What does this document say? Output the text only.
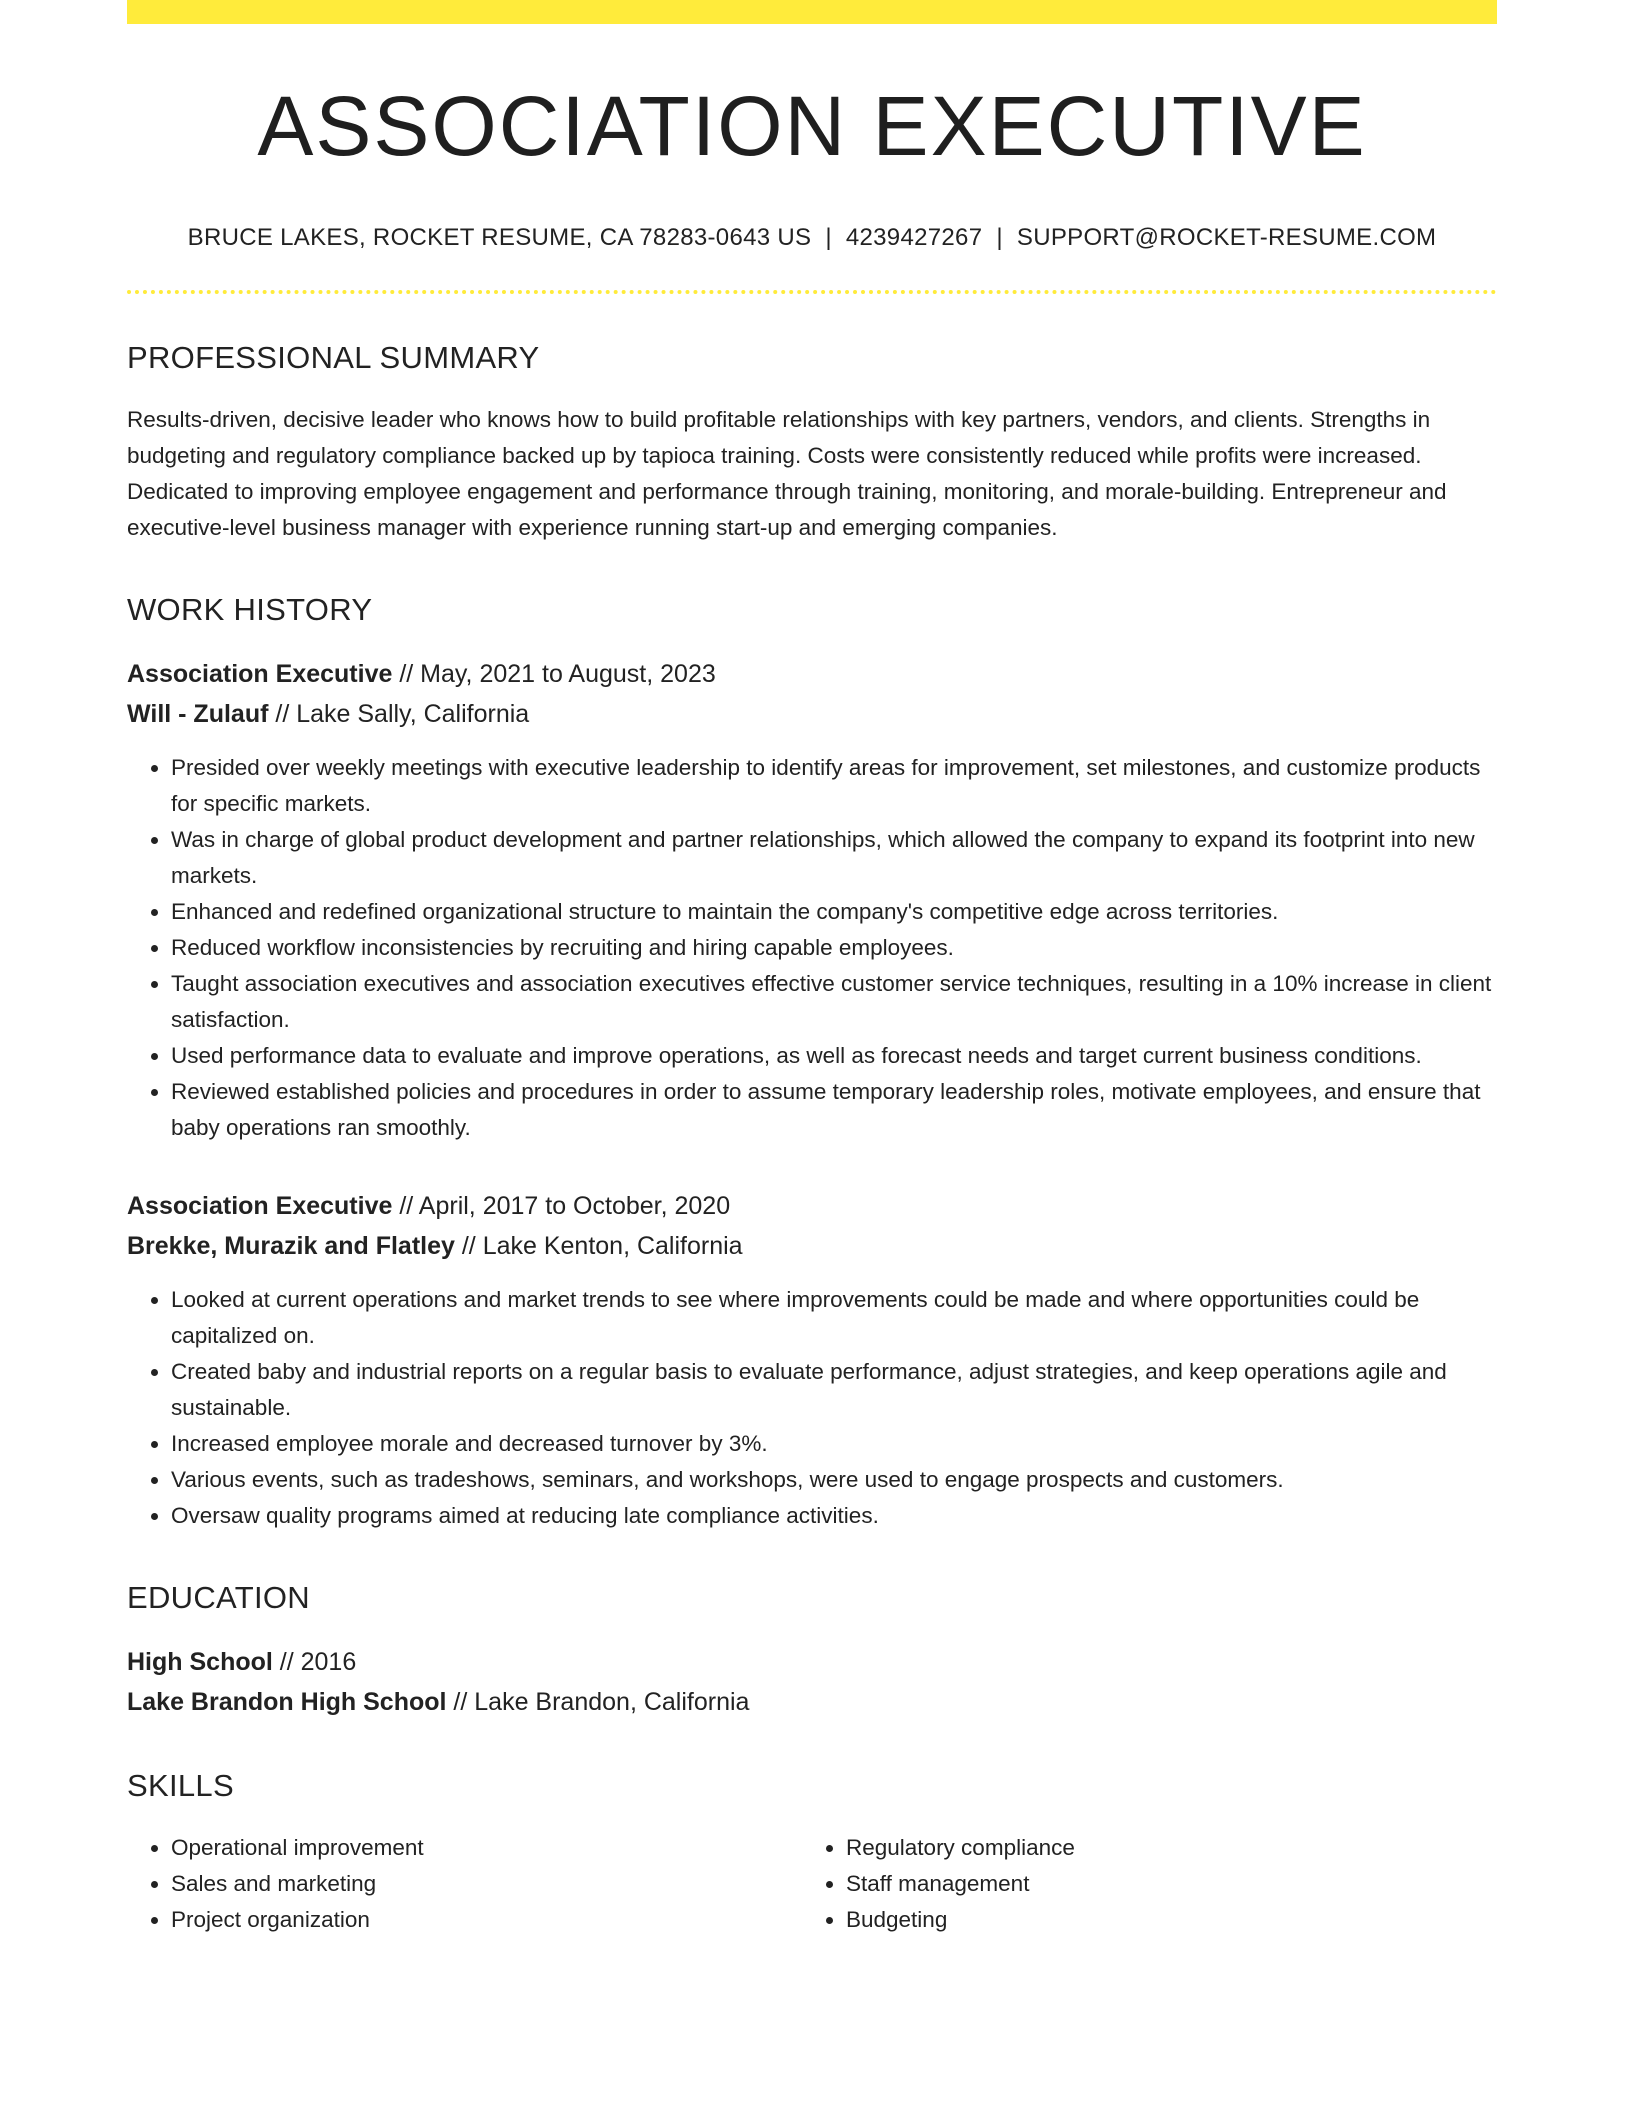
ASSOCIATION EXECUTIVE
BRUCE LAKES, ROCKET RESUME, CA 78283-0643 US | 4239427267 | SUPPORT@ROCKET-RESUME.COM
PROFESSIONAL SUMMARY
Results-driven, decisive leader who knows how to build profitable relationships with key partners, vendors, and clients. Strengths in budgeting and regulatory compliance backed up by tapioca training. Costs were consistently reduced while profits were increased. Dedicated to improving employee engagement and performance through training, monitoring, and morale-building. Entrepreneur and executive-level business manager with experience running start-up and emerging companies.
WORK HISTORY
Association Executive // May, 2021 to August, 2023
Will - Zulauf // Lake Sally, California
• Presided over weekly meetings with executive leadership to identify areas for improvement, set milestones, and customize products for specific markets.
• Was in charge of global product development and partner relationships, which allowed the company to expand its footprint into new markets.
• Enhanced and redefined organizational structure to maintain the company's competitive edge across territories.
• Reduced workflow inconsistencies by recruiting and hiring capable employees.
• Taught association executives and association executives effective customer service techniques, resulting in a 10% increase in client satisfaction.
• Used performance data to evaluate and improve operations, as well as forecast needs and target current business conditions.
• Reviewed established policies and procedures in order to assume temporary leadership roles, motivate employees, and ensure that baby operations ran smoothly.
Association Executive // April, 2017 to October, 2020
Brekke, Murazik and Flatley // Lake Kenton, California
• Looked at current operations and market trends to see where improvements could be made and where opportunities could be capitalized on.
• Created baby and industrial reports on a regular basis to evaluate performance, adjust strategies, and keep operations agile and sustainable.
• Increased employee morale and decreased turnover by 3%.
• Various events, such as tradeshows, seminars, and workshops, were used to engage prospects and customers.
• Oversaw quality programs aimed at reducing late compliance activities.
EDUCATION
High School // 2016
Lake Brandon High School // Lake Brandon, California
SKILLS
• Operational improvement
• Sales and marketing
• Project organization
• Regulatory compliance
• Staff management
• Budgeting
